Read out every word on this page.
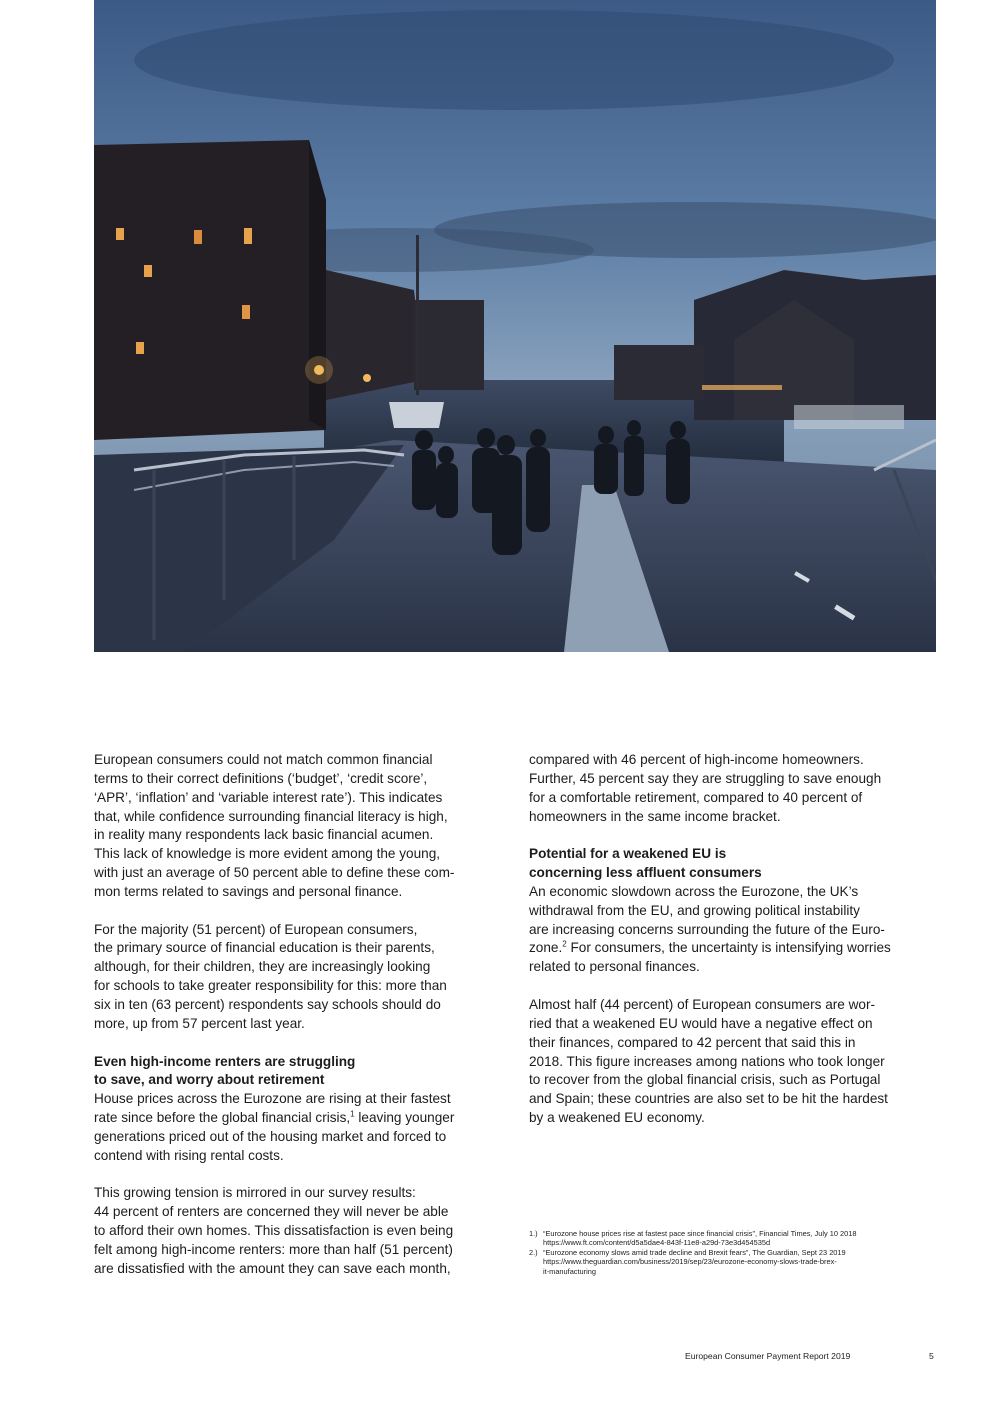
European consumers could not match common financial
terms to their correct definitions (‘budget’, ‘credit score’,
‘APR’, ‘inflation’ and ‘variable interest rate’). This indicates
that, while confidence surrounding financial literacy is high,
in reality many respondents lack basic financial acumen.
This lack of knowledge is more evident among the young,
with just an average of 50 percent able to define these com-
mon terms related to savings and personal finance.

For the majority (51 percent) of European consumers,
the primary source of financial education is their parents,
although, for their children, they are increasingly looking
for schools to take greater responsibility for this: more than
six in ten (63 percent) respondents say schools should do
more, up from 57 percent last year.

Even high-income renters are struggling
to save, and worry about retirement

House prices across the Eurozone are rising at their fastest
rate since before the global financial crisis,$^1$ leaving younger
generations priced out of the housing market and forced to
contend with rising rental costs.

This growing tension is mirrored in our survey results:
44 percent of renters are concerned they will never be able
to afford their own homes. This dissatisfaction is even being
felt among high-income renters: more than half (51 percent)
are dissatisfied with the amount they can save each month,

compared with 46 percent of high-income homeowners.
Further, 45 percent say they are struggling to save enough
for a comfortable retirement, compared to 40 percent of
homeowners in the same income bracket.

Potential for a weakened EU is
concerning less affluent consumers

An economic slowdown across the Eurozone, the UK’s
withdrawal from the EU, and growing political instability
are increasing concerns surrounding the future of the Euro-
zone.$^2$ For consumers, the uncertainty is intensifying worries
related to personal finances.

Almost half (44 percent) of European consumers are wor-
ried that a weakened EU would have a negative effect on
their finances, compared to 42 percent that said this in
2018. This figure increases among nations who took longer
to recover from the global financial crisis, such as Portugal
and Spain; these countries are also set to be hit the hardest
by a weakened EU economy.

1.) “Eurozone house prices rise at fastest pace since financial crisis”, Financial Times, July 10 2018
https://www.ft.com/content/d5a5dae4-843f-11e8-a29d-73e3d454535d
2.) “Eurozone economy slows amid trade decline and Brexit fears”, The Guardian, Sept 23 2019
https://www.theguardian.com/business/2019/sep/23/eurozone-economy-slows-trade-brex-
it-manufacturing
European Consumer Payment Report 2019	5
